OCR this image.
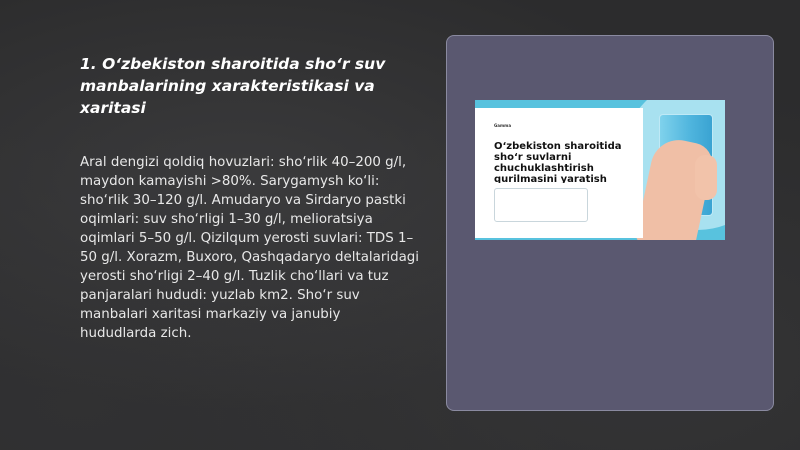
1. O‘zbekiston sharoitida sho‘r suv manbalarining xarakteristikasi va xaritasi
Aral dengizi qoldiq hovuzlari: sho‘rlik 40–200 g/l, maydon kamayishi >80%. Sarygamysh ko‘li: sho‘rlik 30–120 g/l. Amudaryo va Sirdaryo pastki oqimlari: suv sho‘rligi 1–30 g/l, melioratsiya oqimlari 5–50 g/l. Qizilqum yerosti suvlari: TDS 1–50 g/l. Xorazm, Buxoro, Qashqadaryo deltalaridagi yerosti sho‘rligi 2–40 g/l. Tuzlik cho‘llari va tuz panjaralari hududi: yuzlab km2. Sho‘r suv manbalari xaritasi markaziy va janubiy hududlarda zich.
Gamma
O‘zbekiston sharoitida sho‘r suvlarni chuchuklashtirish qurilmasini yaratish
